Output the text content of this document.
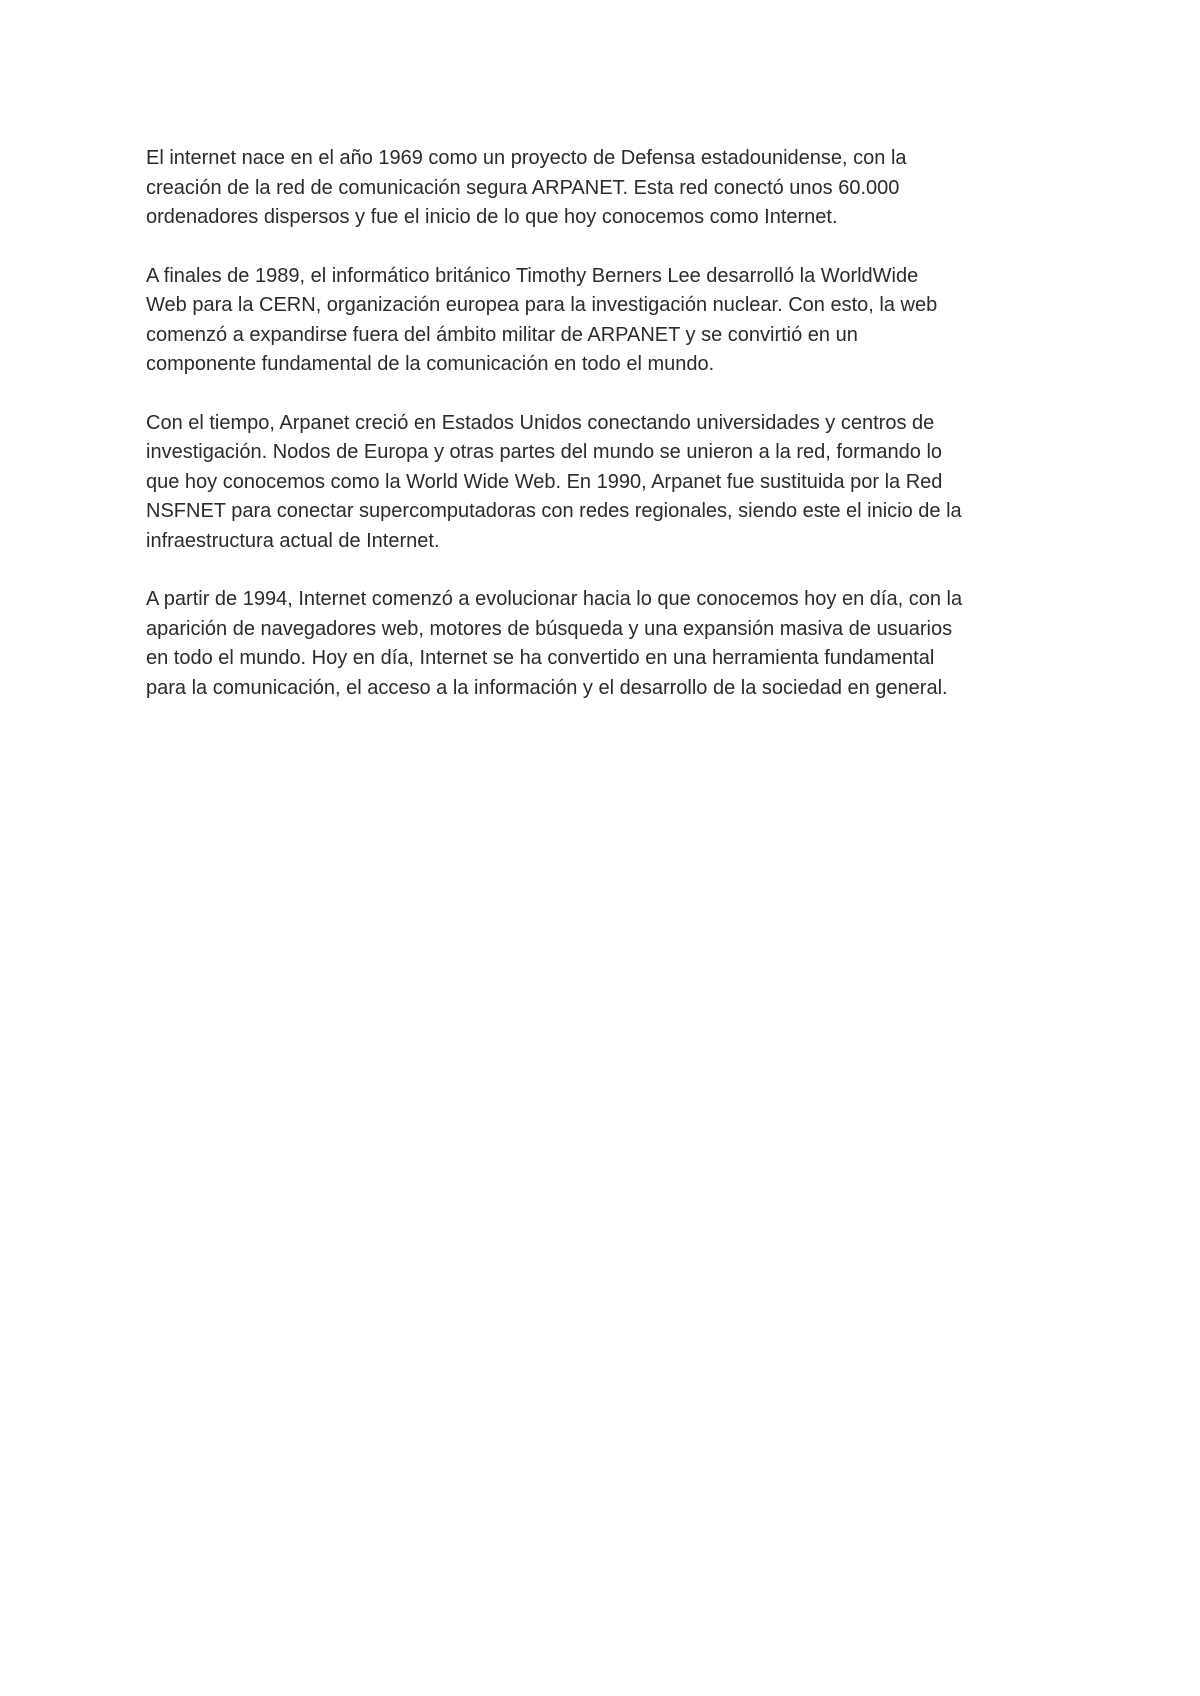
El internet nace en el año 1969 como un proyecto de Defensa estadounidense, con la
creación de la red de comunicación segura ARPANET. Esta red conectó unos 60.000
ordenadores dispersos y fue el inicio de lo que hoy conocemos como Internet.

A finales de 1989, el informático británico Timothy Berners Lee desarrolló la WorldWide
Web para la CERN, organización europea para la investigación nuclear. Con esto, la web
comenzó a expandirse fuera del ámbito militar de ARPANET y se convirtió en un
componente fundamental de la comunicación en todo el mundo.

Con el tiempo, Arpanet creció en Estados Unidos conectando universidades y centros de
investigación. Nodos de Europa y otras partes del mundo se unieron a la red, formando lo
que hoy conocemos como la World Wide Web. En 1990, Arpanet fue sustituida por la Red
NSFNET para conectar supercomputadoras con redes regionales, siendo este el inicio de la
infraestructura actual de Internet.

A partir de 1994, Internet comenzó a evolucionar hacia lo que conocemos hoy en día, con la
aparición de navegadores web, motores de búsqueda y una expansión masiva de usuarios
en todo el mundo. Hoy en día, Internet se ha convertido en una herramienta fundamental
para la comunicación, el acceso a la información y el desarrollo de la sociedad en general.
